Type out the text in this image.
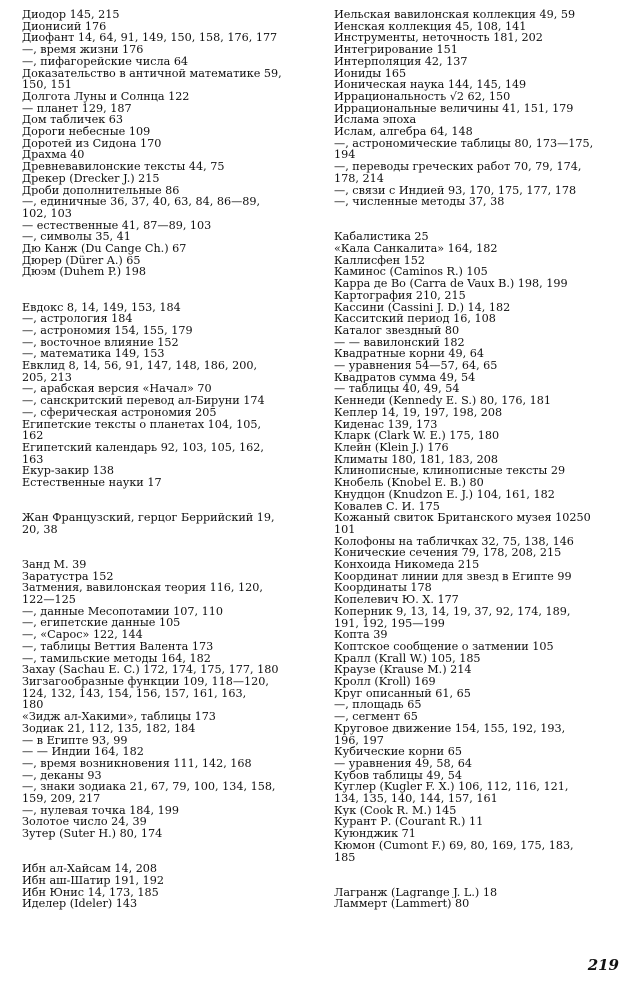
Диодор 145, 215
Дионисий 176
Диофант 14, 64, 91, 149, 150, 158, 176, 177
—, время жизни 176
—, пифагорейские числа 64
Доказательство в античной математике 59,
150, 151
Долгота Луны и Солнца 122
— планет 129, 187
Дом табличек 63
Дороги небесные 109
Доротей из Сидона 170
Драхма 40
Древневавилонские тексты 44, 75
Дрекер (Drecker J.) 215
Дроби дополнительные 86
—, единичные 36, 37, 40, 63, 84, 86—89,
102, 103
— естественные 41, 87—89, 103
—, символы 35, 41
Дю Канж (Du Cange Ch.) 67
Дюрер (Dürer A.) 65
Дюэм (Duhem P.) 198
Евдокс 8, 14, 149, 153, 184
—, астрология 184
—, астрономия 154, 155, 179
—, восточное влияние 152
—, математика 149, 153
Евклид 8, 14, 56, 91, 147, 148, 186, 200,
205, 213
—, арабская версия «Начал» 70
—, санскритский перевод ал-Бируни 174
—, сферическая астрономия 205
Египетские тексты о планетах 104, 105,
162
Египетский календарь 92, 103, 105, 162,
163
Екур-закир 138
Естественные науки 17
Жан Французский, герцог Беррийский 19,
20, 38
Занд М. 39
Заратустра 152
Затмения, вавилонская теория 116, 120,
122—125
—, данные Месопотамии 107, 110
—, египетские данные 105
—, «Сарос» 122, 144
—, таблицы Веттия Валента 173
—, тамильские методы 164, 182
Захау (Sachau E. C.) 172, 174, 175, 177, 180
Зигзагообразные функции 109, 118—120,
124, 132, 143, 154, 156, 157, 161, 163,
180
«Зидж ал-Хакими», таблицы 173
Зодиак 21, 112, 135, 182, 184
— в Египте 93, 99
— — Индии 164, 182
—, время возникновения 111, 142, 168
—, деканы 93
—, знаки зодиака 21, 67, 79, 100, 134, 158,
159, 209, 217
—, нулевая точка 184, 199
Золотое число 24, 39
Зутер (Suter H.) 80, 174
Ибн ал-Хайсам 14, 208
Ибн аш-Шатир 191, 192
Ибн Юнис 14, 173, 185
Иделер (Ideler) 143
Иельская вавилонская коллекция 49, 59
Иенская коллекция 45, 108, 141
Инструменты, неточность 181, 202
Интегрирование 151
Интерполяция 42, 137
Иониды 165
Ионическая наука 144, 145, 149
Иррациональность √2 62, 150
Иррациональные величины 41, 151, 179
Ислама эпоха
Ислам, алгебра 64, 148
—, астрономические таблицы 80, 173—175,
194
—, переводы греческих работ 70, 79, 174,
178, 214
—, связи с Индией 93, 170, 175, 177, 178
—, численные методы 37, 38
Кабалистика 25
«Кала Санкалита» 164, 182
Каллисфен 152
Каминос (Caminos R.) 105
Карра де Во (Carra de Vaux B.) 198, 199
Картография 210, 215
Кассини (Cassini J. D.) 14, 182
Касситский период 16, 108
Каталог звездный 80
— — вавилонский 182
Квадратные корни 49, 64
— уравнения 54—57, 64, 65
Квадратов сумма 49, 54
— таблицы 40, 49, 54
Кеннеди (Kennedy E. S.) 80, 176, 181
Кеплер 14, 19, 197, 198, 208
Киденас 139, 173
Кларк (Clark W. E.) 175, 180
Клейн (Klein J.) 176
Климаты 180, 181, 183, 208
Клинописные, клинописные тексты 29
Кнобель (Knobel E. B.) 80
Кнудцон (Knudzon E. J.) 104, 161, 182
Ковалев С. И. 175
Кожаный свиток Британского музея 10250
101
Колофоны на табличках 32, 75, 138, 146
Конические сечения 79, 178, 208, 215
Конхоида Никомеда 215
Координат линии для звезд в Египте 99
Координаты 178
Копелевич Ю. Х. 177
Коперник 9, 13, 14, 19, 37, 92, 174, 189,
191, 192, 195—199
Копта 39
Коптское сообщение о затмении 105
Кралл (Krall W.) 105, 185
Краузе (Krause M.) 214
Кролл (Kroll) 169
Круг описанный 61, 65
—, площадь 65
—, сегмент 65
Круговое движение 154, 155, 192, 193,
196, 197
Кубические корни 65
— уравнения 49, 58, 64
Кубов таблицы 49, 54
Куглер (Kugler F. X.) 106, 112, 116, 121,
134, 135, 140, 144, 157, 161
Кук (Cook R. M.) 145
Курант Р. (Courant R.) 11
Куюнджик 71
Кюмон (Cumont F.) 69, 80, 169, 175, 183,
185
Лагранж (Lagrange J. L.) 18
Ламмерт (Lammert) 80
219
